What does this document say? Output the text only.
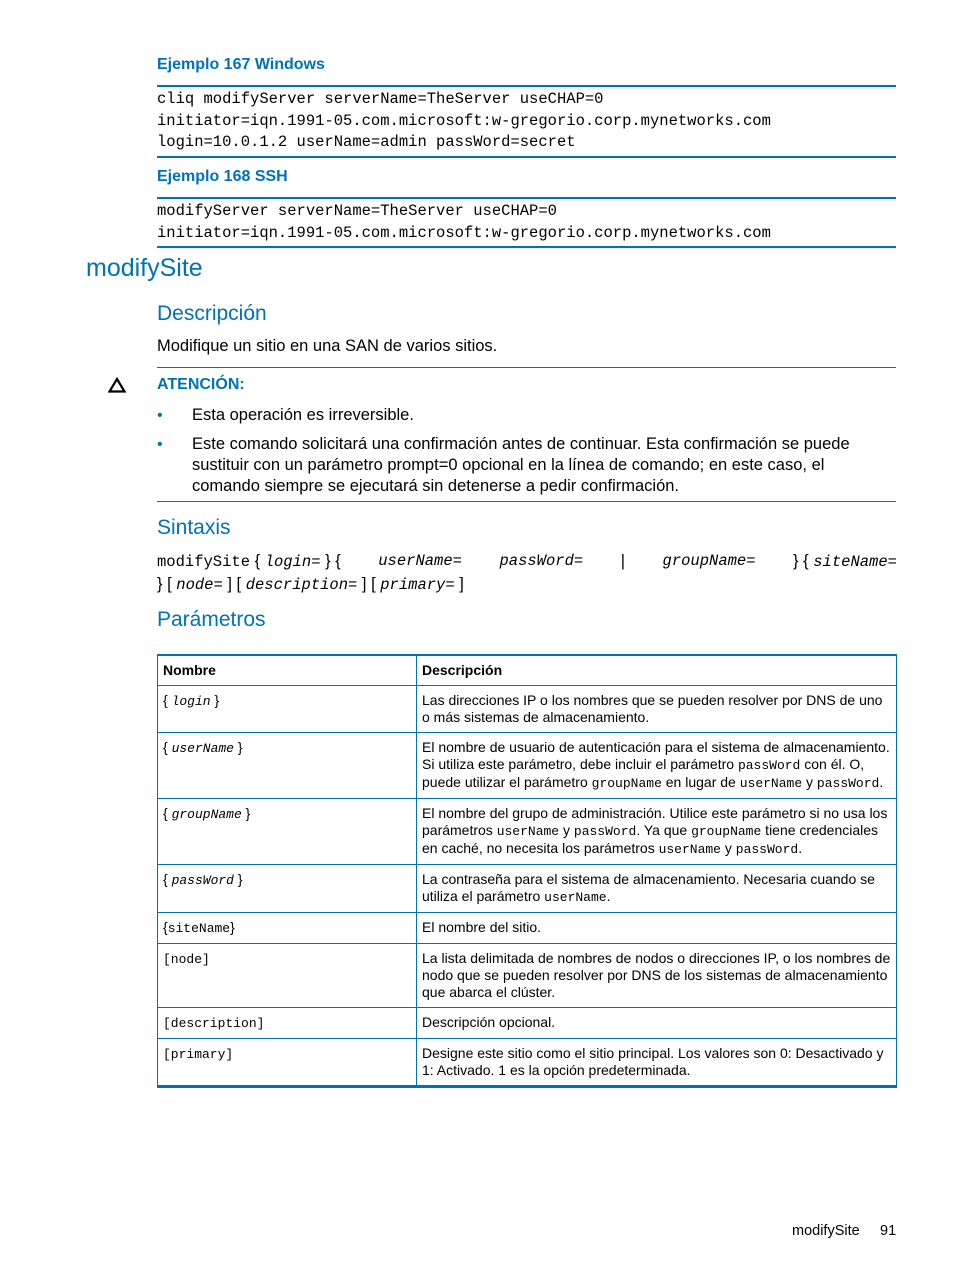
Ejemplo 167 Windows
cliq modifyServer serverName=TheServer useCHAP=0
initiator=iqn.1991-05.com.microsoft:w-gregorio.corp.mynetworks.com
login=10.0.1.2 userName=admin passWord=secret
Ejemplo 168 SSH
modifyServer serverName=TheServer useCHAP=0
initiator=iqn.1991-05.com.microsoft:w-gregorio.corp.mynetworks.com
modifySite
Descripción
Modifique un sitio en una SAN de varios sitios.
ATENCIÓN:
• Esta operación es irreversible.
• Este comando solicitará una confirmación antes de continuar. Esta confirmación se puede sustituir con un parámetro prompt=0 opcional en la línea de comando; en este caso, el comando siempre se ejecutará sin detenerse a pedir confirmación.
Sintaxis
modifySite { login= } { userName= passWord= | groupName= } { siteName=
} [ node= ] [ description= ] [ primary= ]
Parámetros
Nombre	Descripción
{ login }	Las direcciones IP o los nombres que se pueden resolver por DNS de uno o más sistemas de almacenamiento.
{ userName }	El nombre de usuario de autenticación para el sistema de almacenamiento. Si utiliza este parámetro, debe incluir el parámetro passWord con él. O, puede utilizar el parámetro groupName en lugar de userName y passWord.
{ groupName }	El nombre del grupo de administración. Utilice este parámetro si no usa los parámetros userName y passWord. Ya que groupName tiene credenciales en caché, no necesita los parámetros userName y passWord.
{ passWord }	La contraseña para el sistema de almacenamiento. Necesaria cuando se utiliza el parámetro userName.
{siteName}	El nombre del sitio.
[node]	La lista delimitada de nombres de nodos o direcciones IP, o los nombres de nodo que se pueden resolver por DNS de los sistemas de almacenamiento que abarca el clúster.
[description]	Descripción opcional.
[primary]	Designe este sitio como el sitio principal. Los valores son 0: Desactivado y 1: Activado. 1 es la opción predeterminada.
modifySite 91
